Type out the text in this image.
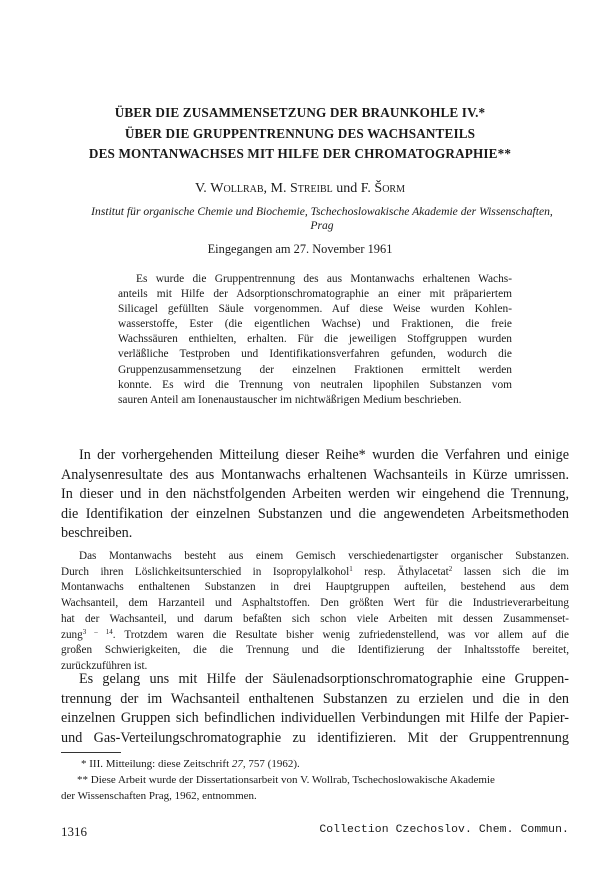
ÜBER DIE ZUSAMMENSETZUNG DER BRAUNKOHLE IV.*
ÜBER DIE GRUPPENTRENNUNG DES WACHSANTEILS
DES MONTANWACHSES MIT HILFE DER CHROMATOGRAPHIE**
V. Wollrab, M. Streibl und F. Šorm
Institut für organische Chemie und Biochemie, Tschechoslowakische Akademie der Wissenschaften,
Prag
Eingegangen am 27. November 1961
Es wurde die Gruppentrennung des aus Montanwachs erhaltenen Wachs-
anteils mit Hilfe der Adsorptionschromatographie an einer mit präpariertem
Silicagel gefüllten Säule vorgenommen. Auf diese Weise wurden Kohlen-
wasserstoffe, Ester (die eigentlichen Wachse) und Fraktionen, die freie
Wachssäuren enthielten, erhalten. Für die jeweiligen Stoffgruppen wurden
verläßliche Testproben und Identifikationsverfahren gefunden, wodurch die
Gruppenzusammensetzung der einzelnen Fraktionen ermittelt werden
konnte. Es wird die Trennung von neutralen lipophilen Substanzen vom
sauren Anteil am Ionenaustauscher im nichtwäßrigen Medium beschrieben.
In der vorhergehenden Mitteilung dieser Reihe* wurden die Verfahren und einige
Analysenresultate des aus Montanwachs erhaltenen Wachsanteils in Kürze umrissen.
In dieser und in den nächstfolgenden Arbeiten werden wir eingehend die Trennung,
die Identifikation der einzelnen Substanzen und die angewendeten Arbeitsmethoden
beschreiben.
Das Montanwachs besteht aus einem Gemisch verschiedenartigster organischer Substanzen.
Durch ihren Löslichkeitsunterschied in Isopropylalkohol$^1$ resp. Äthylacetat$^2$ lassen sich die im
Montanwachs enthaltenen Substanzen in drei Hauptgruppen aufteilen, bestehend aus dem
Wachsanteil, dem Harzanteil und Asphaltstoffen. Den größten Wert für die Industrieverarbeitung
hat der Wachsanteil, und darum befaßten sich schon viele Arbeiten mit dessen Zusammenset-
zung$^{3 - 14}$. Trotzdem waren die Resultate bisher wenig zufriedenstellend, was vor allem auf die
großen Schwierigkeiten, die die Trennung und die Identifizierung der Inhaltsstoffe bereitet,
zurückzuführen ist.
Es gelang uns mit Hilfe der Säulenadsorptionschromatographie eine Gruppen-
trennung der im Wachsanteil enthaltenen Substanzen zu erzielen und die in den
einzelnen Gruppen sich befindlichen individuellen Verbindungen mit Hilfe der Papier-
und Gas-Verteilungschromatographie zu identifizieren. Mit der Gruppentrennung
* III. Mitteilung: diese Zeitschrift 27, 757 (1962).
** Diese Arbeit wurde der Dissertationsarbeit von V. Wollrab, Tschechoslowakische Akademie
der Wissenschaften Prag, 1962, entnommen.
1316	Collection Czechoslov. Chem. Commun.
